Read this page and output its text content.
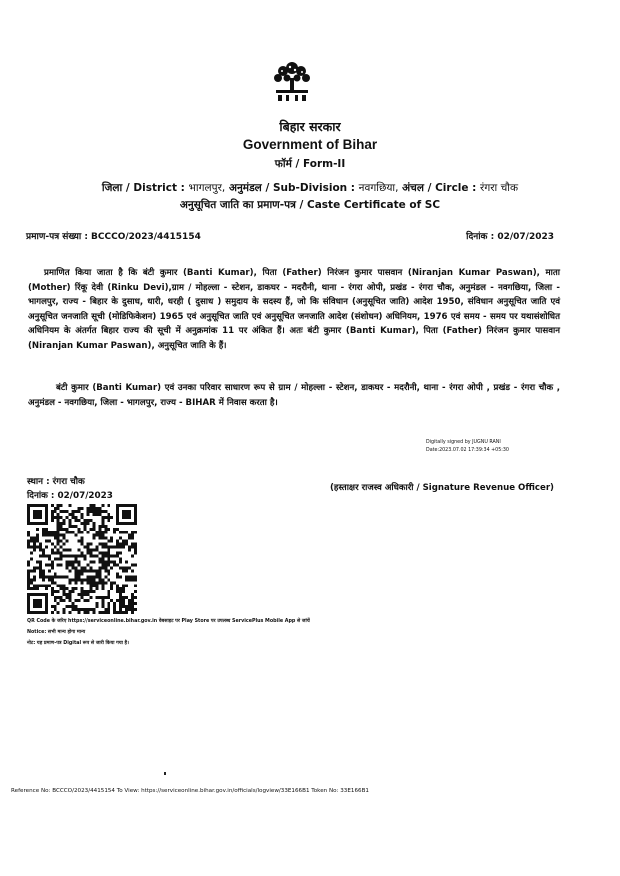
बिहार सरकार
Government of Bihar
फॉर्म / Form-II
जिला / District : भागलपुर, अनुमंडल / Sub-Division : नवगछिया, अंचल / Circle : रंगरा चौक
अनुसूचित जाति का प्रमाण-पत्र / Caste Certificate of SC
प्रमाण-पत्र संख्या : BCCCO/2023/4415154	दिनांक : 02/07/2023
प्रमाणित किया जाता है कि बंटी कुमार (Banti Kumar), पिता (Father) निरंजन कुमार पासवान (Niranjan Kumar Paswan), माता (Mother) रिंकू देवी (Rinku Devi),ग्राम / मोहल्ला - स्टेशन, डाकघर - मदरौनी, थाना - रंगरा ओपी, प्रखंड - रंगरा चौक, अनुमंडल - नवगछिया, जिला - भागलपुर, राज्य - बिहार के दुसाध, धारी, धरही ( दुसाध ) समुदाय के सदस्य हैं, जो कि संविधान (अनुसूचित जाति) आदेश 1950, संविधान अनुसूचित जाति एवं अनुसूचित जनजाति सूची (मोडिफिकेशन) 1965 एवं अनुसूचित जाति एवं अनुसूचित जनजाति आदेश (संशोधन) अधिनियम, 1976 एवं समय - समय पर यथासंशोधित अधिनियम के अंतर्गत बिहार राज्य की सूची में अनुक्रमांक 11 पर अंकित हैं। अतः बंटी कुमार (Banti Kumar), पिता (Father) निरंजन कुमार पासवान (Niranjan Kumar Paswan), अनुसूचित जाति के हैं।
बंटी कुमार (Banti Kumar) एवं उनका परिवार साधारण रूप से ग्राम / मोहल्ला - स्टेशन, डाकघर - मदरौनी, थाना - रंगरा ओपी , प्रखंड - रंगरा चौक , अनुमंडल - नवगछिया, जिला - भागलपुर, राज्य - BIHAR में निवास करता है।
Digitally signed by JUGNU RANI
Date:2023.07.02 17:39:34 +05:30
स्थान : रंगरा चौक
दिनांक : 02/07/2023
(हस्ताक्षर राजस्व अधिकारी / Signature Revenue Officer)
QR Code के जरिए https://serviceonline.bihar.gov.in वेबसाइट पर Play Store पर उपलब्ध ServicePlus Mobile App से जांचें
Notice: सभी मान्य होगा मान्य
नोट: यह प्रमाण-पत्र Digital रूप से जारी किया गया है।
Reference No: BCCCO/2023/4415154 To View: https://serviceonline.bihar.gov.in/officials/logview/33E166B1 Token No: 33E166B1
